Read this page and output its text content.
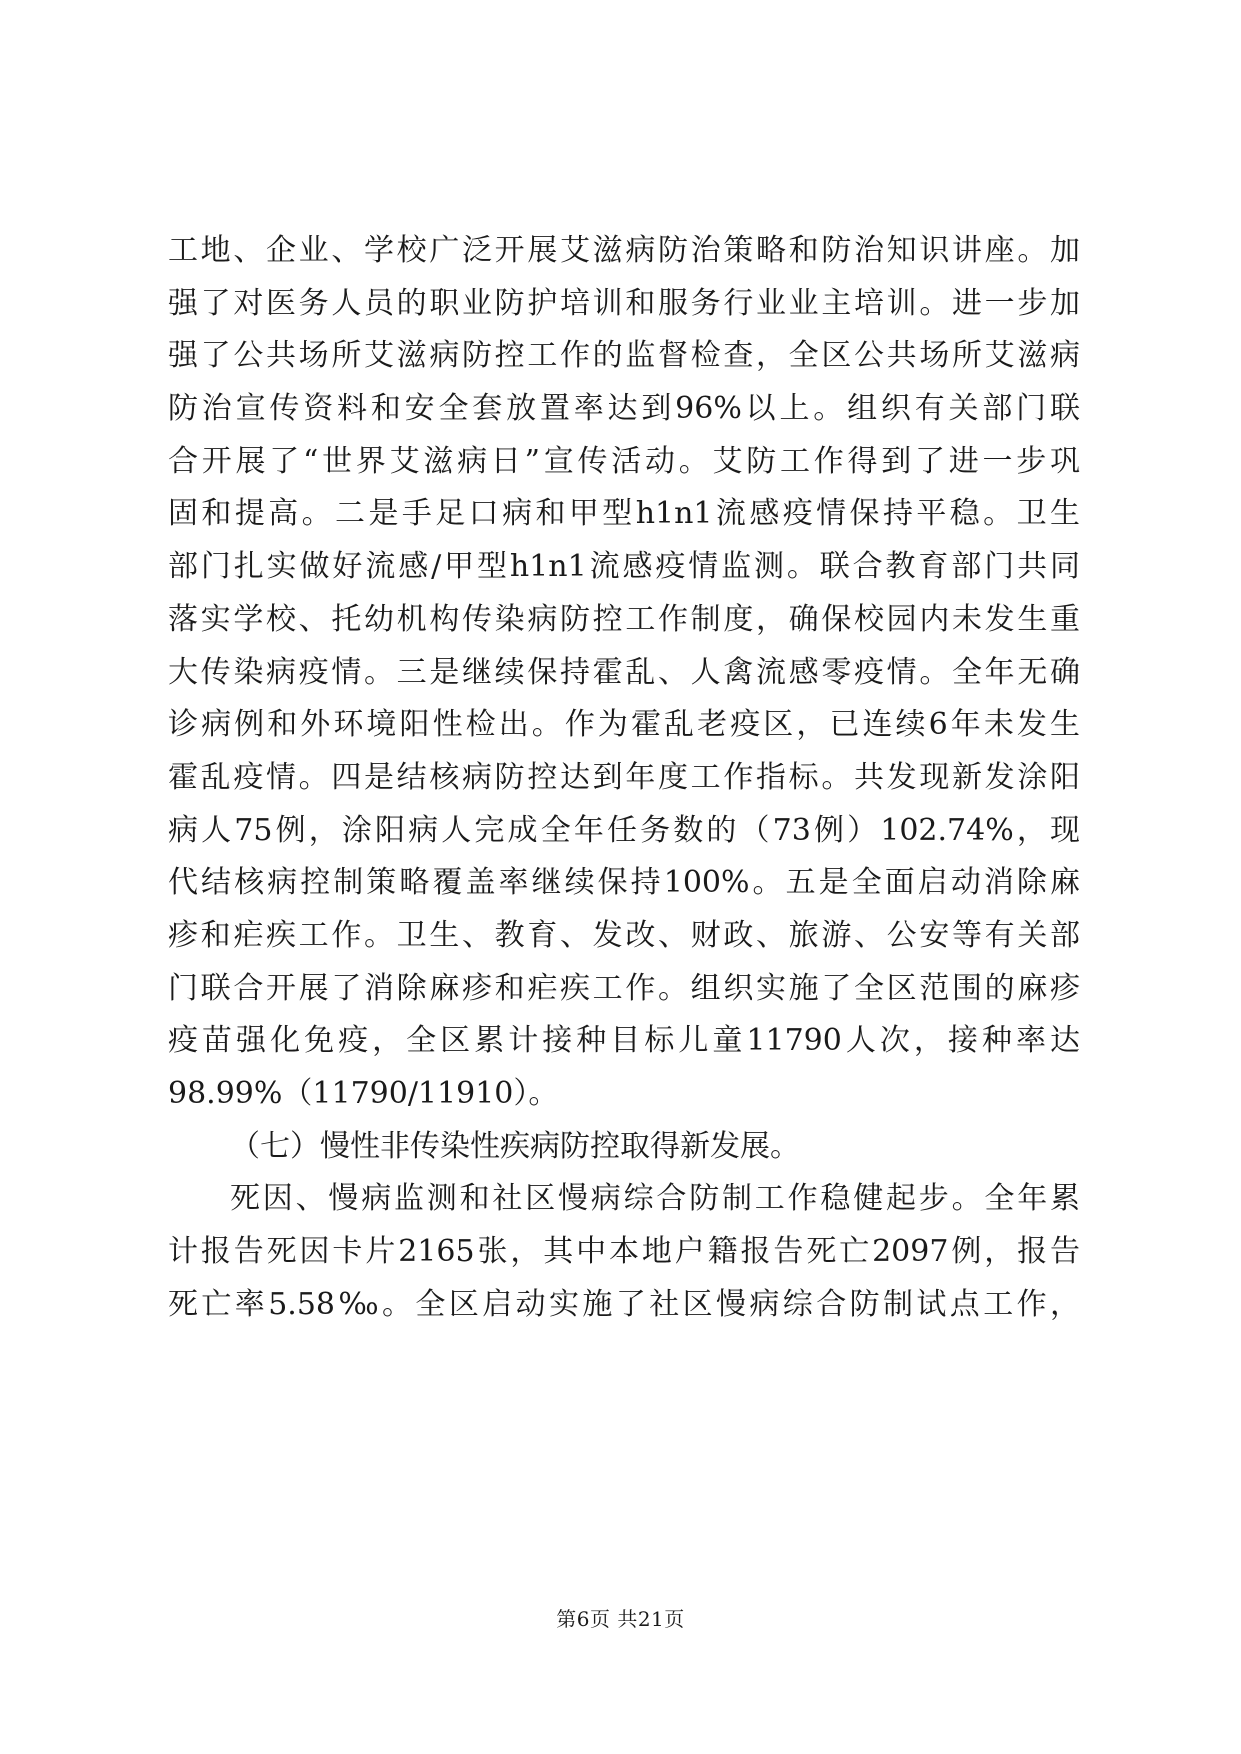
工地、企业、学校广泛开展艾滋病防治策略和防治知识讲座。加
强了对医务人员的职业防护培训和服务行业业主培训。进一步加
强了公共场所艾滋病防控工作的监督检查，全区公共场所艾滋病
防治宣传资料和安全套放置率达到96%以上。组织有关部门联
合开展了“世界艾滋病日”宣传活动。艾防工作得到了进一步巩
固和提高。二是手足口病和甲型h1n1流感疫情保持平稳。卫生
部门扎实做好流感/甲型h1n1流感疫情监测。联合教育部门共同
落实学校、托幼机构传染病防控工作制度，确保校园内未发生重
大传染病疫情。三是继续保持霍乱、人禽流感零疫情。全年无确
诊病例和外环境阳性检出。作为霍乱老疫区，已连续6年未发生
霍乱疫情。四是结核病防控达到年度工作指标。共发现新发涂阳
病人75例，涂阳病人完成全年任务数的（73例）102.74%，现
代结核病控制策略覆盖率继续保持100%。五是全面启动消除麻
疹和疟疾工作。卫生、教育、发改、财政、旅游、公安等有关部
门联合开展了消除麻疹和疟疾工作。组织实施了全区范围的麻疹
疫苗强化免疫，全区累计接种目标儿童11790人次，接种率达
98.99%（11790/11910）。
（七）慢性非传染性疾病防控取得新发展。
死因、慢病监测和社区慢病综合防制工作稳健起步。全年累
计报告死因卡片2165张，其中本地户籍报告死亡2097例，报告
死亡率5.58‰。全区启动实施了社区慢病综合防制试点工作，
第6页 共21页
